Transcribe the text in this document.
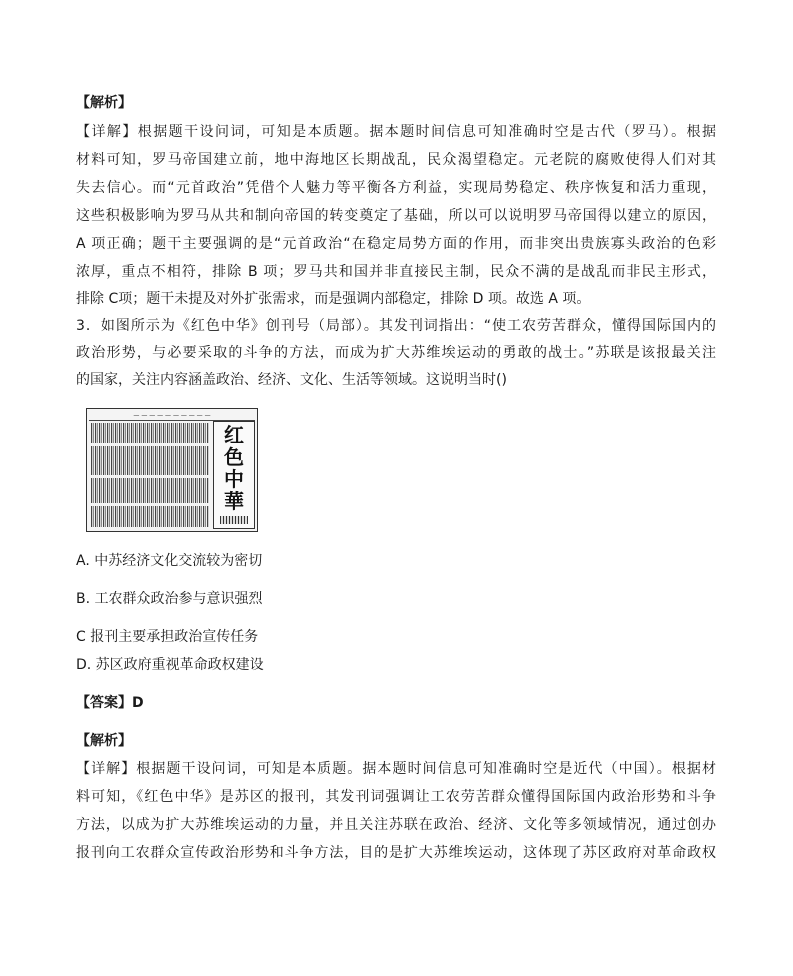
【解析】
【详解】根据题干设问词，可知是本质题。据本题时间信息可知准确时空是古代（罗马）。根据
材料可知，罗马帝国建立前，地中海地区长期战乱，民众渴望稳定。元老院的腐败使得人们对其
失去信心。而“元首政治”凭借个人魅力等平衡各方利益，实现局势稳定、秩序恢复和活力重现，
这些积极影响为罗马从共和制向帝国的转变奠定了基础，所以可以说明罗马帝国得以建立的原因，
A 项正确；题干主要强调的是“元首政治“在稳定局势方面的作用，而非突出贵族寡头政治的色彩
浓厚，重点不相符，排除 B 项；罗马共和国并非直接民主制，民众不满的是战乱而非民主形式，
排除 C项；题干未提及对外扩张需求，而是强调内部稳定，排除 D 项。故选 A 项。
3．如图所示为《红色中华》创刊号（局部）。其发刊词指出：“使工农劳苦群众，懂得国际国内的
政治形势，与必要采取的斗争的方法，而成为扩大苏维埃运动的勇敢的战士。”苏联是该报最关注
的国家，关注内容涵盖政治、经济、文化、生活等领域。这说明当时()
— — — — — — — — — —
红
色
中
華
A. 中苏经济文化交流较为密切
B. 工农群众政治参与意识强烈
C 报刊主要承担政治宣传任务
D. 苏区政府重视革命政权建设
【答案】D
【解析】
【详解】根据题干设问词，可知是本质题。据本题时间信息可知准确时空是近代（中国）。根据材
料可知，《红色中华》是苏区的报刊，其发刊词强调让工农劳苦群众懂得国际国内政治形势和斗争
方法，以成为扩大苏维埃运动的力量，并且关注苏联在政治、经济、文化等多领域情况，通过创办
报刊向工农群众宣传政治形势和斗争方法，目的是扩大苏维埃运动，这体现了苏区政府对革命政权
